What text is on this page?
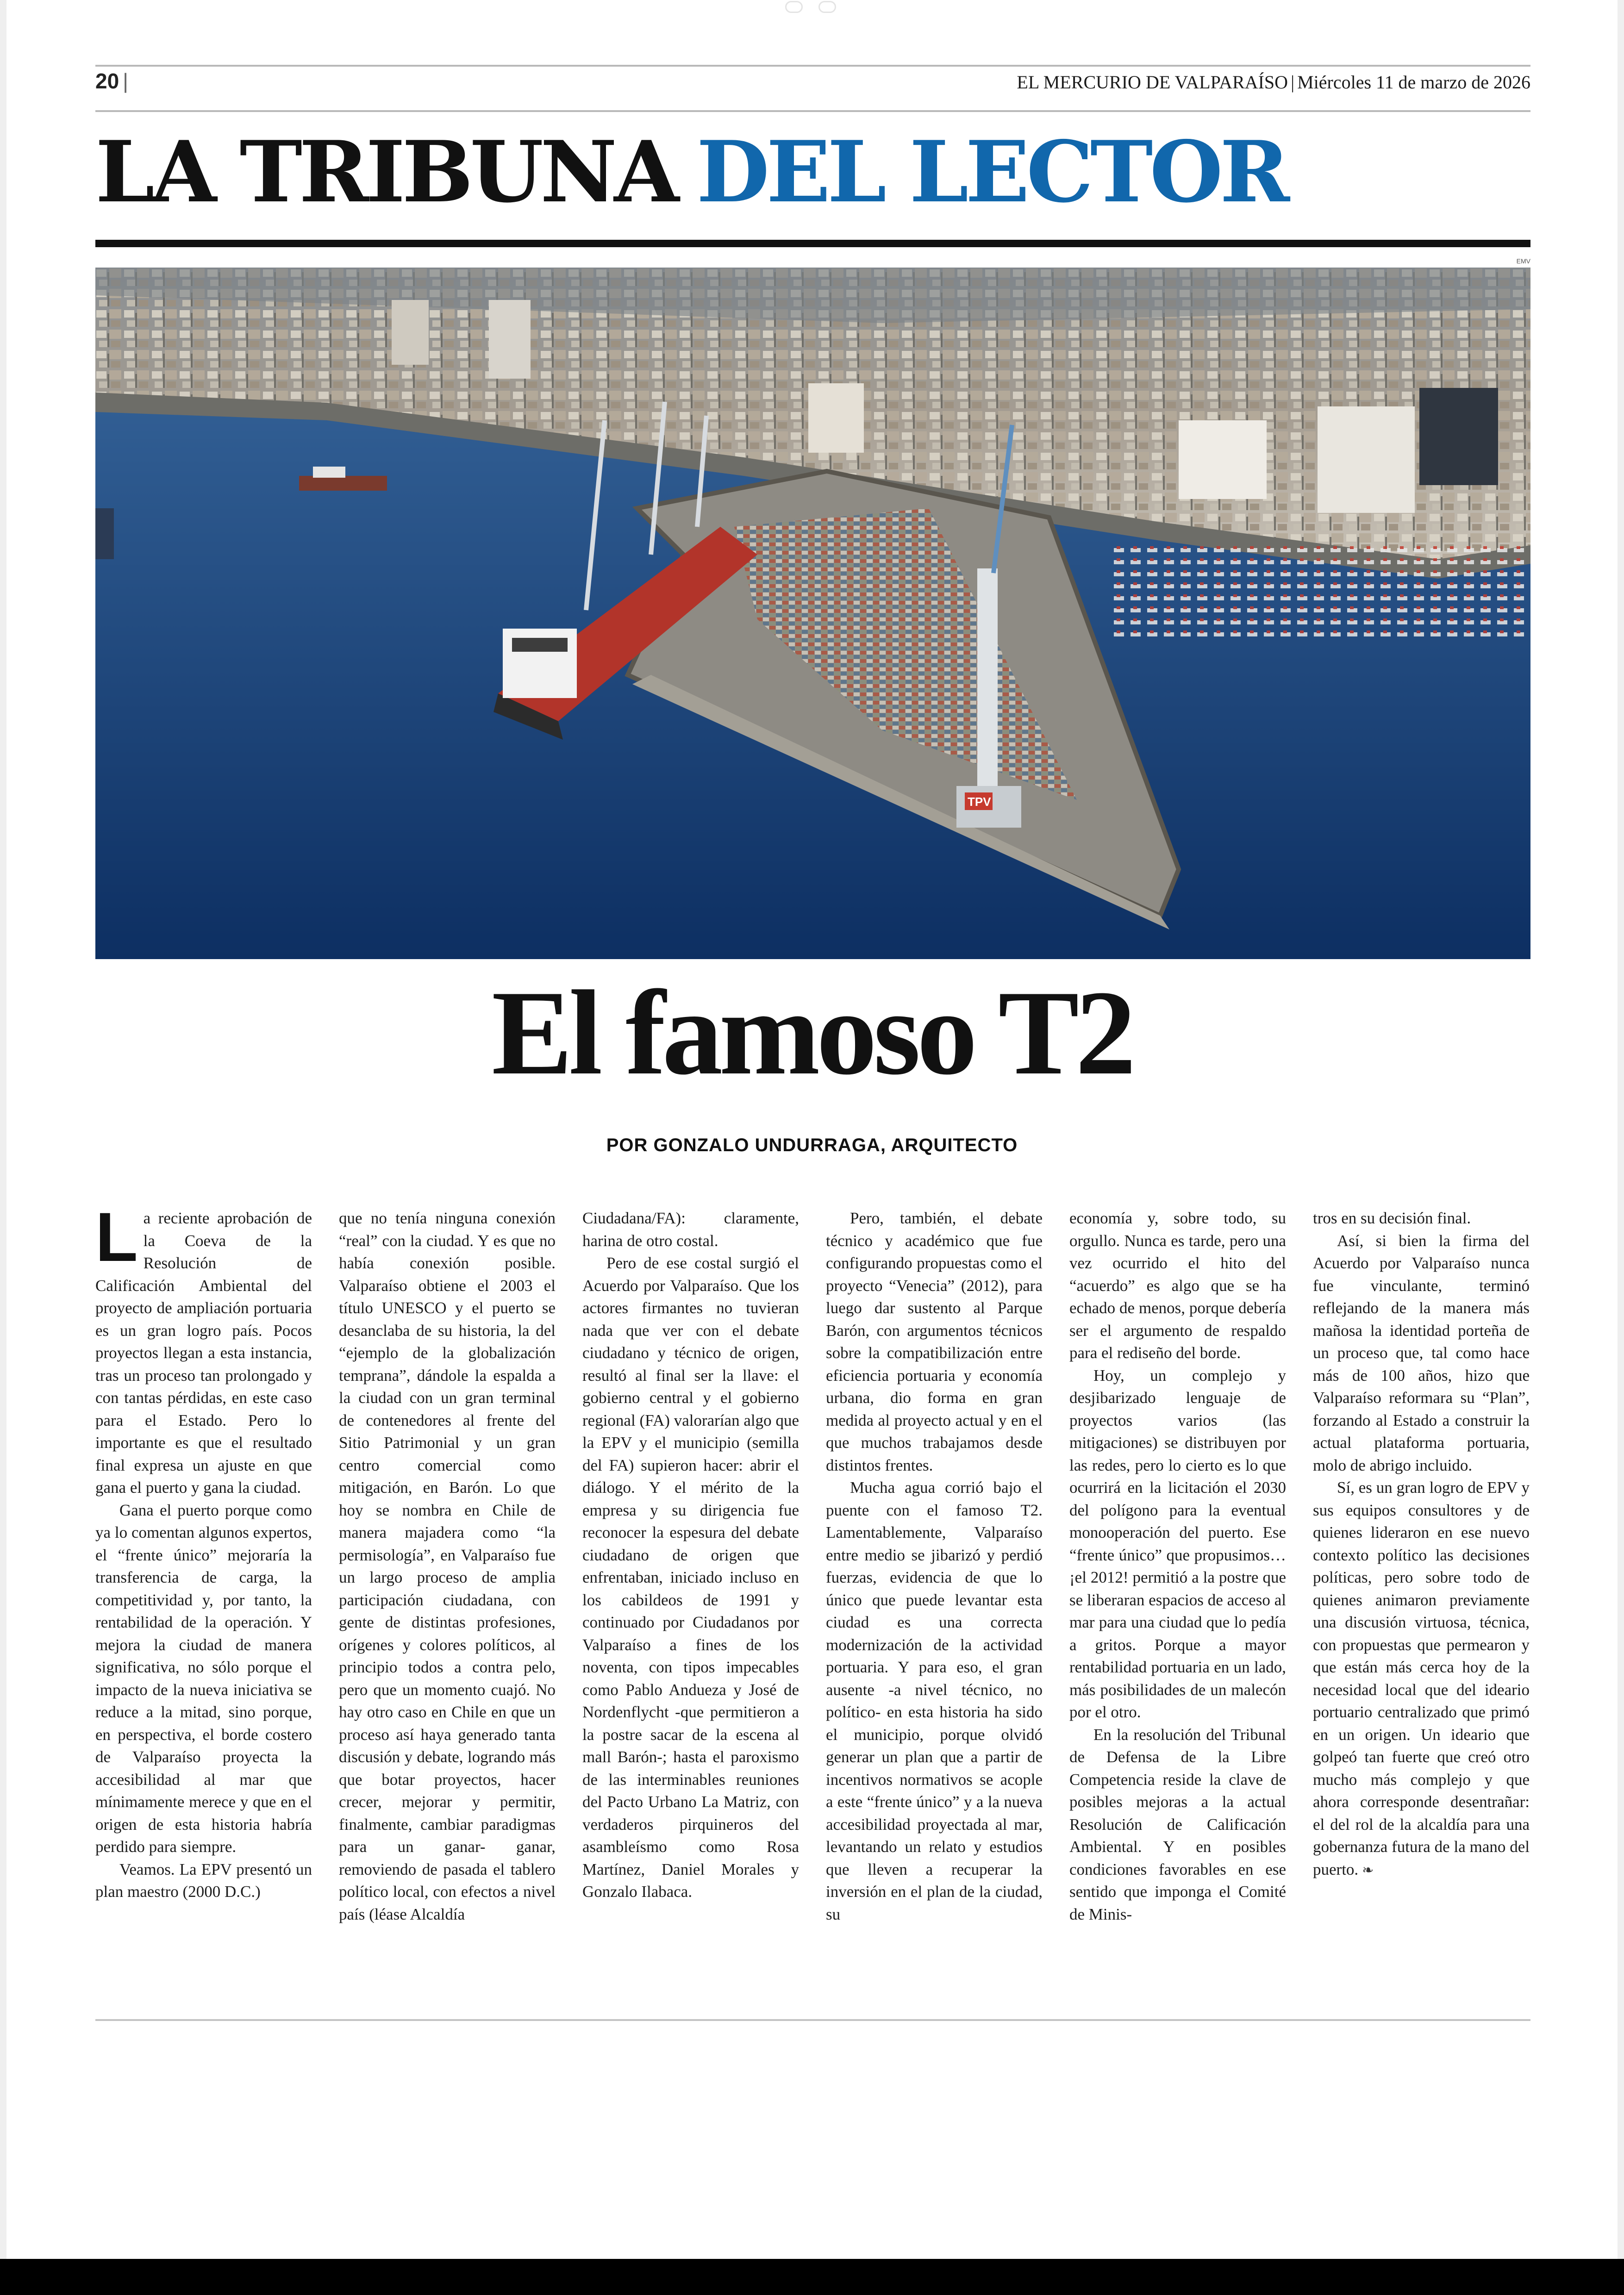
20 |	EL MERCURIO DE VALPARAÍSO | Miércoles 11 de marzo de 2026
LA TRIBUNA DEL LECTOR
EMV
TPV
El famoso T2
POR GONZALO UNDURRAGA, ARQUITECTO

La reciente aprobación de la Coeva de la Resolución de Calificación Ambiental del proyecto de ampliación portuaria es un gran logro país. Pocos proyectos llegan a esta instancia, tras un proceso tan prolongado y con tantas pérdidas, en este caso para el Estado. Pero lo importante es que el resultado final expresa un ajuste en que gana el puerto y gana la ciudad.

Gana el puerto porque como ya lo comentan algunos expertos, el “frente único” mejoraría la transferencia de carga, la competitividad y, por tanto, la rentabilidad de la operación. Y mejora la ciudad de manera significativa, no sólo porque el impacto de la nueva iniciativa se reduce a la mitad, sino porque, en perspectiva, el borde costero de Valparaíso proyecta la accesibilidad al mar que mínimamente merece y que en el origen de esta historia habría perdido para siempre.

Veamos. La EPV presentó un plan maestro (2000 D.C.)

que no tenía ninguna conexión “real” con la ciudad. Y es que no había conexión posible. Valparaíso obtiene el 2003 el título UNESCO y el puerto se desanclaba de su historia, la del “ejemplo de la globalización temprana”, dándole la espalda a la ciudad con un gran terminal de contenedores al frente del Sitio Patrimonial y un gran centro comercial como mitigación, en Barón. Lo que hoy se nombra en Chile de manera majadera como “la permisología”, en Valparaíso fue un largo proceso de amplia participación ciudadana, con gente de distintas profesiones, orígenes y colores políticos, al principio todos a contra pelo, pero que un momento cuajó. No hay otro caso en Chile en que un proceso así haya generado tanta discusión y debate, logrando más que botar proyectos, hacer crecer, mejorar y permitir, finalmente, cambiar paradigmas para un ganar- ganar, removiendo de pasada el tablero político local, con efectos a nivel país (léase Alcaldía

Ciudadana/FA): claramente, harina de otro costal.

Pero de ese costal surgió el Acuerdo por Valparaíso. Que los actores firmantes no tuvieran nada que ver con el debate ciudadano y técnico de origen, resultó al final ser la llave: el gobierno central y el gobierno regional (FA) valorarían algo que la EPV y el municipio (semilla del FA) supieron hacer: abrir el diálogo. Y el mérito de la empresa y su dirigencia fue reconocer la espesura del debate ciudadano de origen que enfrentaban, iniciado incluso en los cabildeos de 1991 y continuado por Ciudadanos por Valparaíso a fines de los noventa, con tipos impecables como Pablo Andueza y José de Nordenflycht -que permitieron a la postre sacar de la escena al mall Barón-; hasta el paroxismo de las interminables reuniones del Pacto Urbano La Matriz, con verdaderos pirquineros del asambleísmo como Rosa Martínez, Daniel Morales y Gonzalo Ilabaca.

Pero, también, el debate técnico y académico que fue configurando propuestas como el proyecto “Venecia” (2012), para luego dar sustento al Parque Barón, con argumentos técnicos sobre la compatibilización entre eficiencia portuaria y economía urbana, dio forma en gran medida al proyecto actual y en el que muchos trabajamos desde distintos frentes.

Mucha agua corrió bajo el puente con el famoso T2. Lamentablemente, Valparaíso entre medio se jibarizó y perdió fuerzas, evidencia de que lo único que puede levantar esta ciudad es una correcta modernización de la actividad portuaria. Y para eso, el gran ausente -a nivel técnico, no político- en esta historia ha sido el municipio, porque olvidó generar un plan que a partir de incentivos normativos se acople a este “frente único” y a la nueva accesibilidad proyectada al mar, levantando un relato y estudios que lleven a recuperar la inversión en el plan de la ciudad, su

economía y, sobre todo, su orgullo. Nunca es tarde, pero una vez ocurrido el hito del “acuerdo” es algo que se ha echado de menos, porque debería ser el argumento de respaldo para el rediseño del borde.

Hoy, un complejo y desjibarizado lenguaje de proyectos varios (las mitigaciones) se distribuyen por las redes, pero lo cierto es lo que ocurrirá en la licitación el 2030 del polígono para la eventual monooperación del puerto. Ese “frente único” que propusimos… ¡el 2012! permitió a la postre que se liberaran espacios de acceso al mar para una ciudad que lo pedía a gritos. Porque a mayor rentabilidad portuaria en un lado, más posibilidades de un malecón por el otro.

En la resolución del Tribunal de Defensa de la Libre Competencia reside la clave de posibles mejoras a la actual Resolución de Calificación Ambiental. Y en posibles condiciones favorables en ese sentido que imponga el Comité de Minis-

tros en su decisión final.

Así, si bien la firma del Acuerdo por Valparaíso nunca fue vinculante, terminó reflejando de la manera más mañosa la identidad porteña de un proceso que, tal como hace más de 100 años, hizo que Valparaíso reformara su “Plan”, forzando al Estado a construir la actual plataforma portuaria, molo de abrigo incluido.

Sí, es un gran logro de EPV y sus equipos consultores y de quienes lideraron en ese nuevo contexto político las decisiones políticas, pero sobre todo de quienes animaron previamente una discusión virtuosa, técnica, con propuestas que permearon y que están más cerca hoy de la necesidad local que del ideario portuario centralizado que primó en un origen. Un ideario que golpeó tan fuerte que creó otro mucho más complejo y que ahora corresponde desentrañar: el del rol de la alcaldía para una gobernanza futura de la mano del puerto. ❧
